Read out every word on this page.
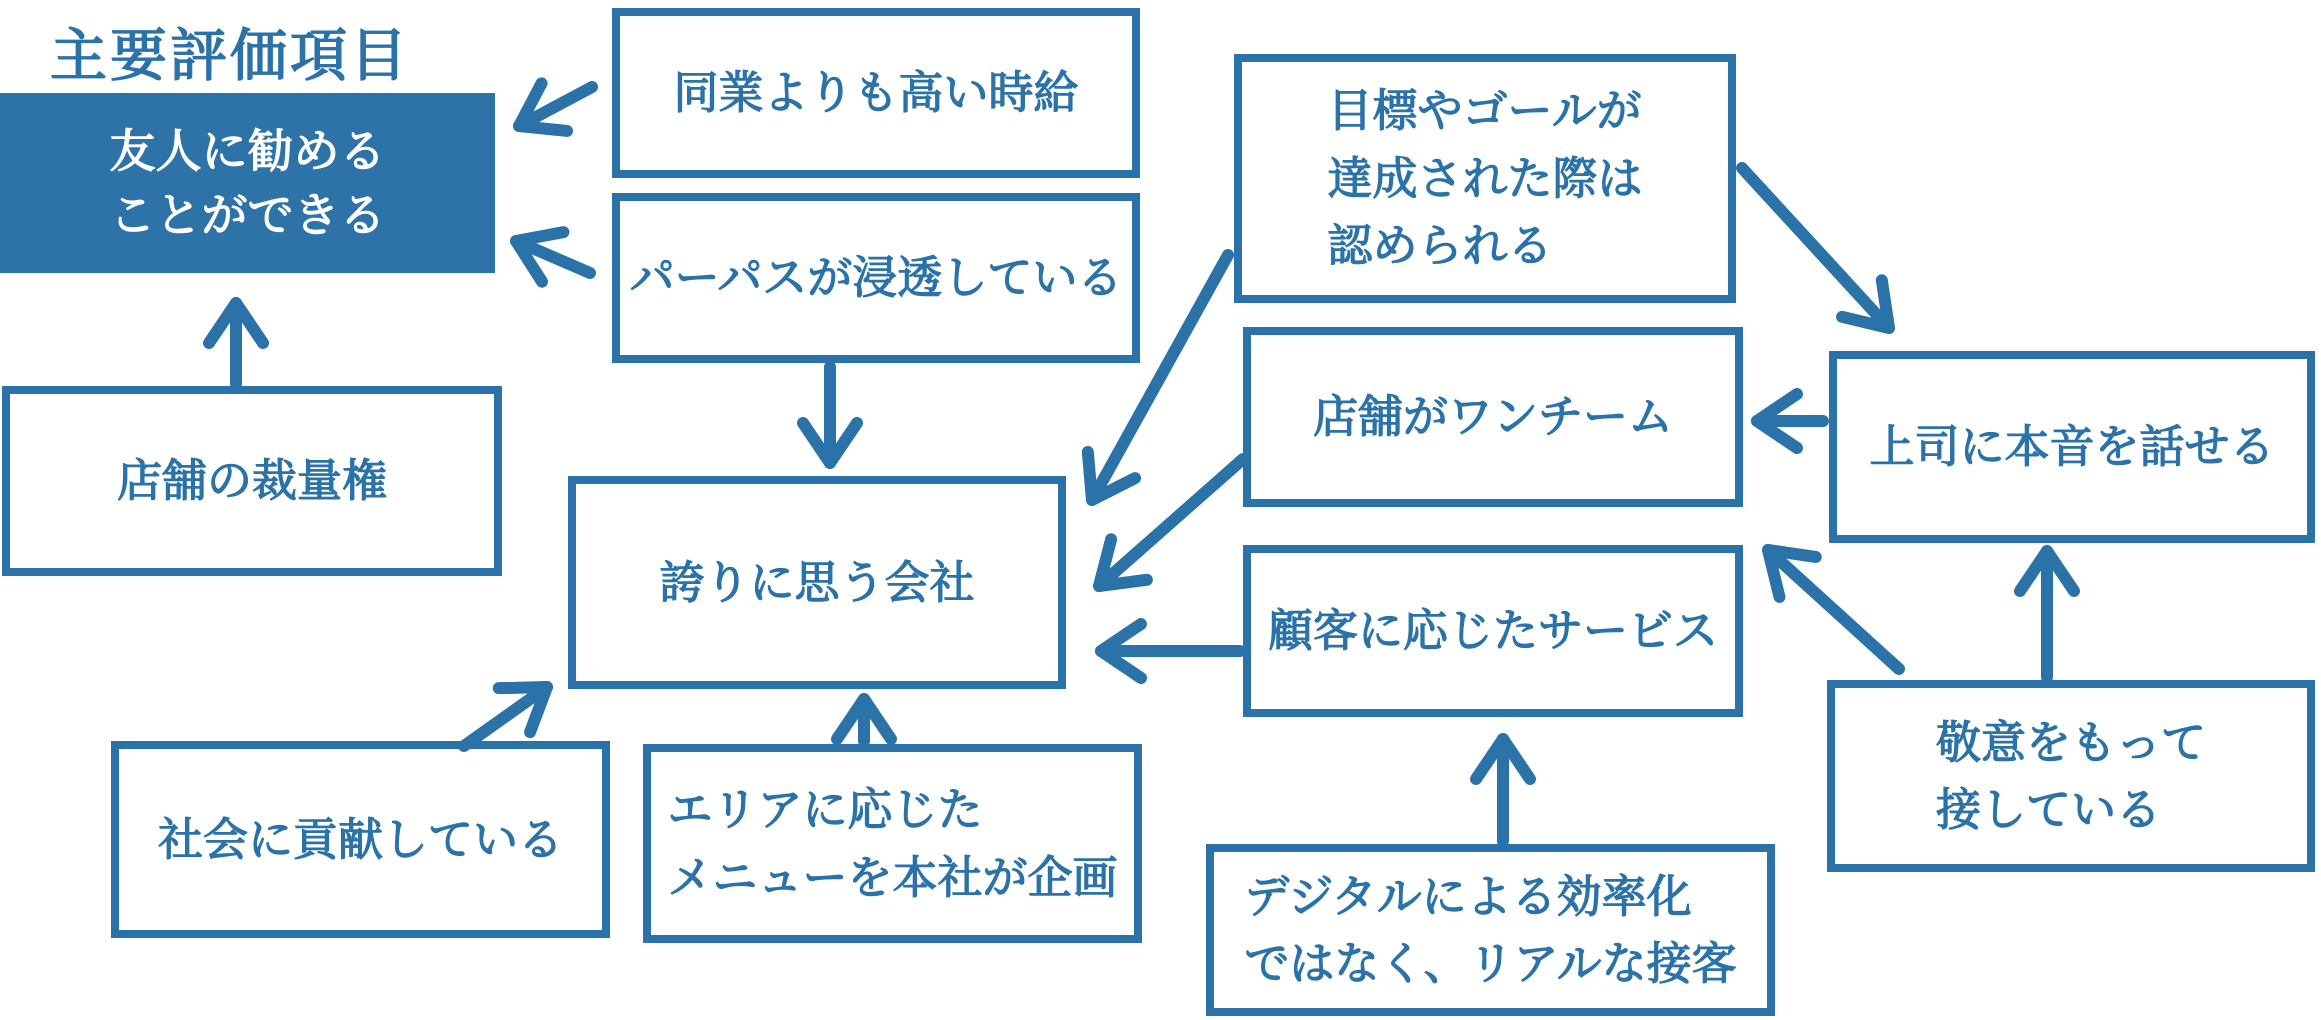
主要評価項目
友人に勧める
ことができる
同業よりも高い時給
パーパスが浸透している
目標やゴールが
達成された際は
認められる
店舗がワンチーム
上司に本音を話せる
店舗の裁量権
誇りに思う会社
社会に貢献している
エリアに応じた
メニューを本社が企画
顧客に応じたサービス
デジタルによる効率化
ではなく、リアルな接客
敬意をもって
接している
